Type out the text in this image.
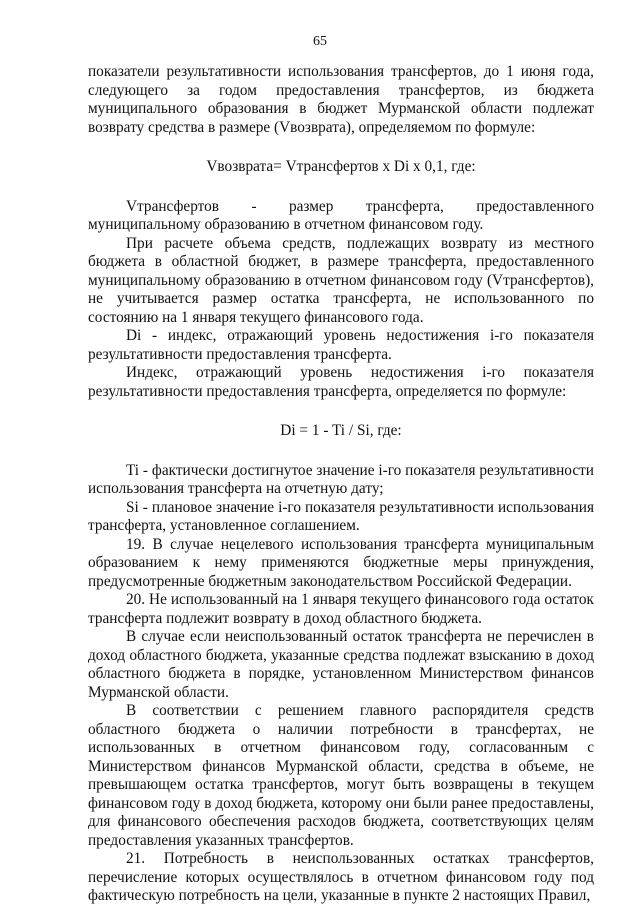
65

показатели результативности использования трансфертов, до 1 июня года, следующего за годом предоставления трансфертов, из бюджета муниципального образования в бюджет Мурманской области подлежат возврату средства в размере (Vвозврата), определяемом по формуле:

Vвозврата= Vтрансфертов x Di x 0,1, где:

Vтрансфертов - размер трансферта, предоставленного муниципальному образованию в отчетном финансовом году.

При расчете объема средств, подлежащих возврату из местного бюджета в областной бюджет, в размере трансферта, предоставленного муниципальному образованию в отчетном финансовом году (Vтрансфертов), не учитывается размер остатка трансферта, не использованного по состоянию на 1 января текущего финансового года.

Di - индекс, отражающий уровень недостижения i-го показателя результативности предоставления трансферта.

Индекс, отражающий уровень недостижения i-го показателя результативности предоставления трансферта, определяется по формуле:

Di = 1 - Ti / Si, где:

Ti - фактически достигнутое значение i-го показателя результативности использования трансферта на отчетную дату;

Si - плановое значение i-го показателя результативности использования трансферта, установленное соглашением.

19. В случае нецелевого использования трансферта муниципальным образованием к нему применяются бюджетные меры принуждения, предусмотренные бюджетным законодательством Российской Федерации.

20. Не использованный на 1 января текущего финансового года остаток трансферта подлежит возврату в доход областного бюджета.

В случае если неиспользованный остаток трансферта не перечислен в доход областного бюджета, указанные средства подлежат взысканию в доход областного бюджета в порядке, установленном Министерством финансов Мурманской области.

В соответствии с решением главного распорядителя средств областного бюджета о наличии потребности в трансфертах, не использованных в отчетном финансовом году, согласованным с Министерством финансов Мурманской области, средства в объеме, не превышающем остатка трансфертов, могут быть возвращены в текущем финансовом году в доход бюджета, которому они были ранее предоставлены, для финансового обеспечения расходов бюджета, соответствующих целям предоставления указанных трансфертов.

21. Потребность в неиспользованных остатках трансфертов, перечисление которых осуществлялось в отчетном финансовом году под фактическую потребность на цели, указанные в пункте 2 настоящих Правил,
